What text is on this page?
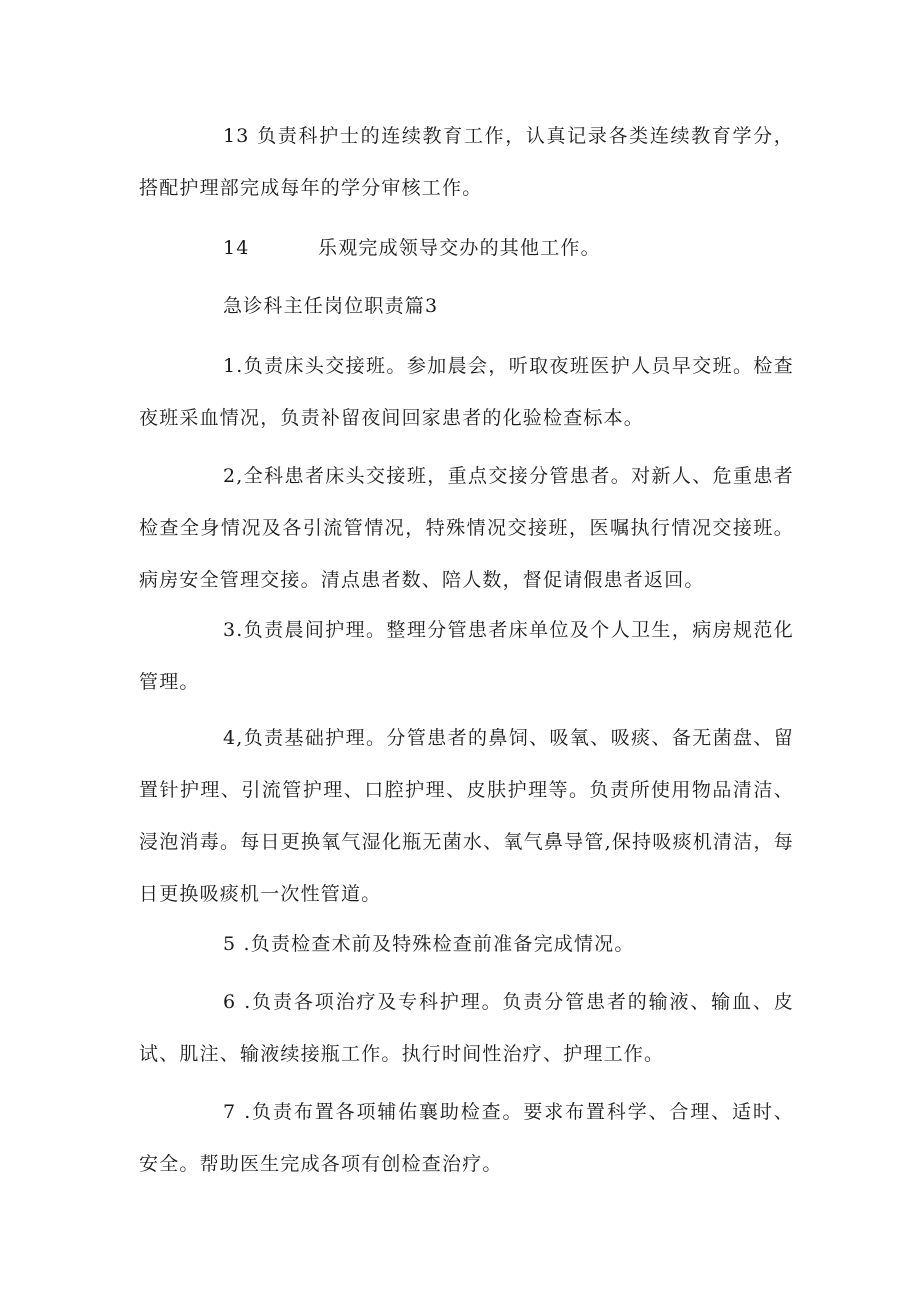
13 负责科护士的连续教育工作，认真记录各类连续教育学分，搭配护理部完成每年的学分审核工作。

14	乐观完成领导交办的其他工作。

急诊科主任岗位职责篇3

1.负责床头交接班。参加晨会，听取夜班医护人员早交班。检查夜班采血情况，负责补留夜间回家患者的化验检查标本。

2,全科患者床头交接班，重点交接分管患者。对新人、危重患者检查全身情况及各引流管情况，特殊情况交接班，医嘱执行情况交接班。病房安全管理交接。清点患者数、陪人数，督促请假患者返回。

3.负责晨间护理。整理分管患者床单位及个人卫生，病房规范化管理。

4,负责基础护理。分管患者的鼻饲、吸氧、吸痰、备无菌盘、留置针护理、引流管护理、口腔护理、皮肤护理等。负责所使用物品清洁、浸泡消毒。每日更换氧气湿化瓶无菌水、氧气鼻导管,保持吸痰机清洁，每日更换吸痰机一次性管道。

5 .负责检查术前及特殊检查前准备完成情况。

6 .负责各项治疗及专科护理。负责分管患者的输液、输血、皮试、肌注、输液续接瓶工作。执行时间性治疗、护理工作。

7 .负责布置各项辅佑襄助检查。要求布置科学、合理、适时、安全。帮助医生完成各项有创检查治疗。
